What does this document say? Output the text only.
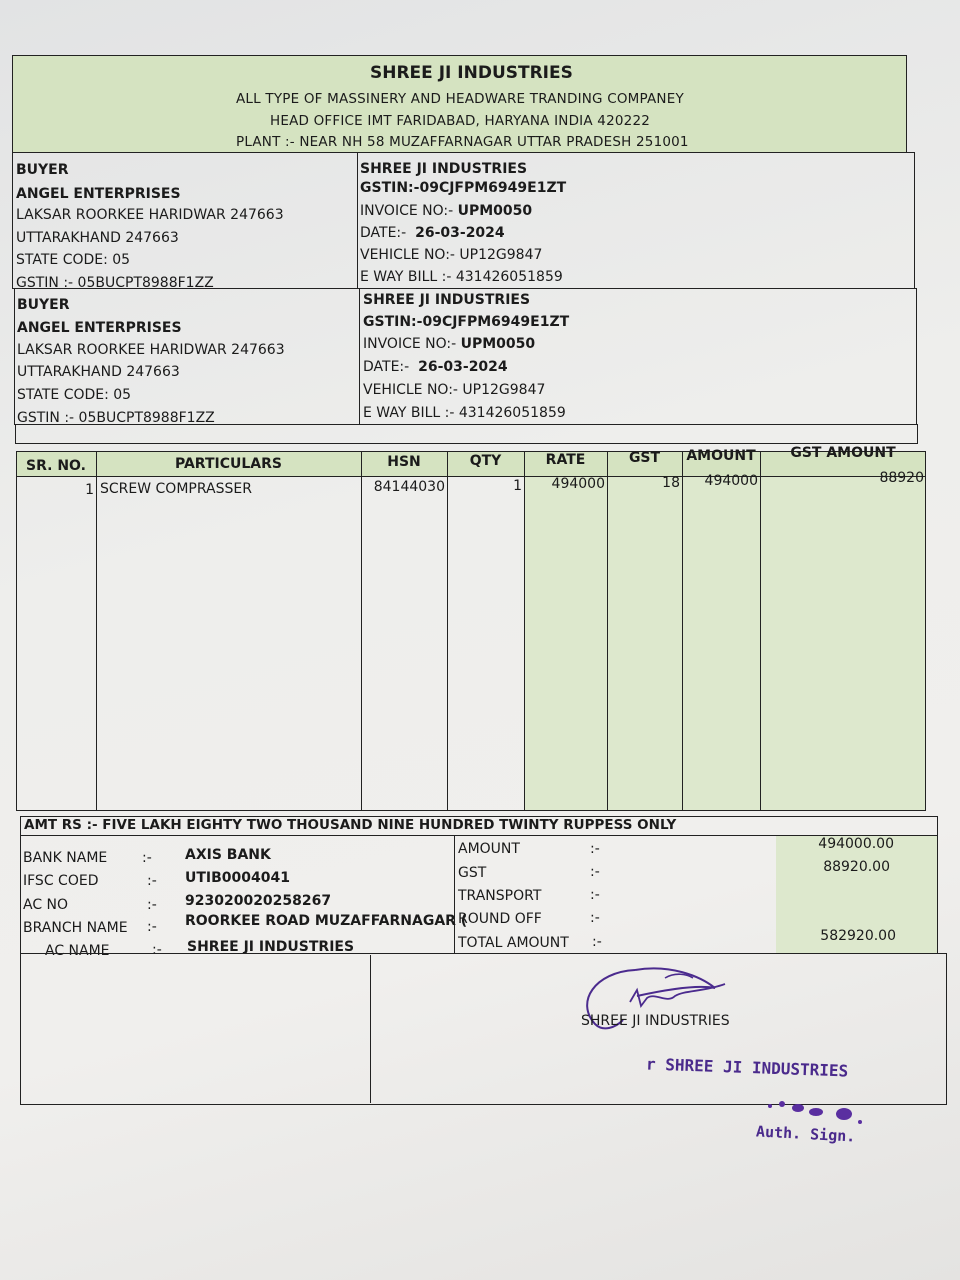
SHREE JI INDUSTRIES
ALL TYPE OF MASSINERY AND HEADWARE TRANDING COMPANEY
HEAD OFFICE IMT FARIDABAD, HARYANA INDIA 420222
PLANT :- NEAR NH 58 MUZAFFARNAGAR UTTAR PRADESH 251001
BUYER
ANGEL ENTERPRISES
LAKSAR ROORKEE HARIDWAR 247663
UTTARAKHAND 247663
STATE CODE: 05
GSTIN :- 05BUCPT8988F1ZZ
SHREE JI INDUSTRIES
GSTIN:-09CJFPM6949E1ZT
INVOICE NO:- UPM0050
DATE:- 26-03-2024
VEHICLE NO:- UP12G9847
E WAY BILL :- 431426051859
BUYER
ANGEL ENTERPRISES
LAKSAR ROORKEE HARIDWAR 247663
UTTARAKHAND 247663
STATE CODE: 05
GSTIN :- 05BUCPT8988F1ZZ
SHREE JI INDUSTRIES
GSTIN:-09CJFPM6949E1ZT
INVOICE NO:- UPM0050
DATE:- 26-03-2024
VEHICLE NO:- UP12G9847
E WAY BILL :- 431426051859
SR. NO.	PARTICULARS	HSN	QTY	RATE	GST	AMOUNT	GST AMOUNT
1 SCREW COMPRASSER	84144030	1	494000	18	494000	88920
AMT RS :- FIVE LAKH EIGHTY TWO THOUSAND NINE HUNDRED TWINTY RUPPESS ONLY
BANK NAME :- AXIS BANK
IFSC COED	:- UTIB0004041
AC NO	:- 923020020258267
BRANCH NAME :- ROORKEE ROAD MUZAFFARNAGAR (
AC NAME	:- SHREE JI INDUSTRIES
AMOUNT	:-	494000.00
GST	:-	88920.00
TRANSPORT	:-
ROUND OFF	:-
TOTAL AMOUNT :-	582920.00
SHREE JI INDUSTRIES
r SHREE JI INDUSTRIES
Auth. Sign.
